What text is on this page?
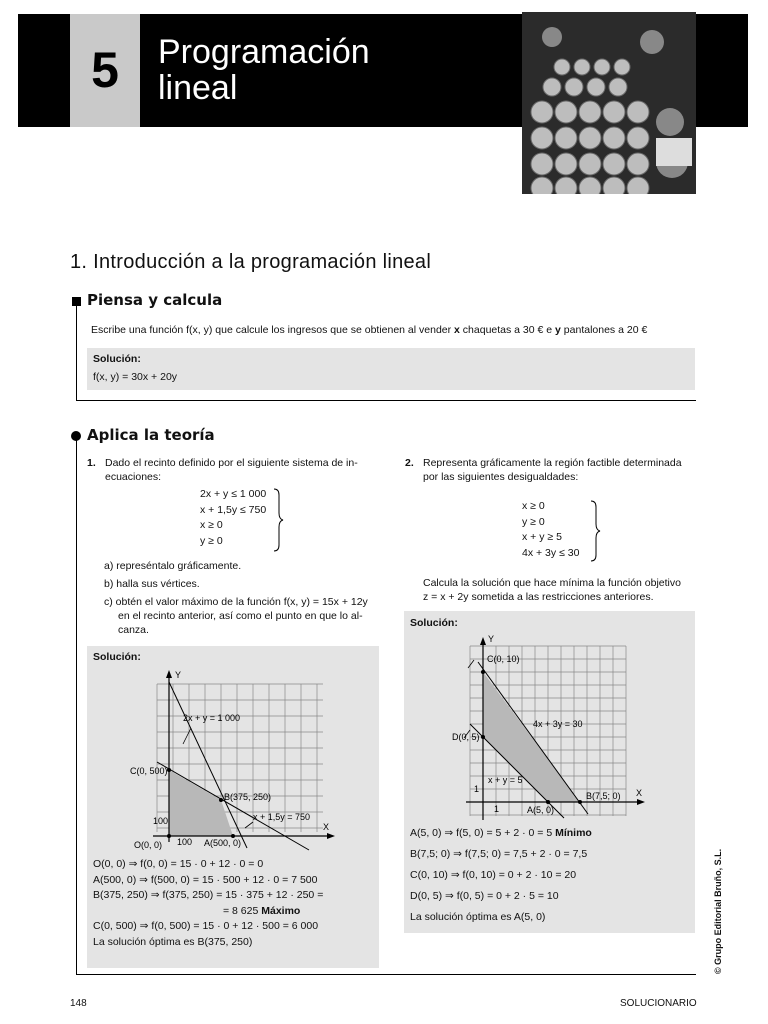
5	Programación
lineal
1. Introducción a la programación lineal
Piensa y calcula
Escribe una función f(x, y) que calcule los ingresos que se obtienen al vender x chaquetas a 30 € e y pantalones a 20 €
Solución:
f(x, y) = 30x + 20y
Aplica la teoría
1. Dado el recinto definido por el siguiente sistema de in-
ecuaciones:
2x + y ≤ 1 000
x + 1,5y ≤ 750
x ≥ 0
y ≥ 0
a) represéntalo gráficamente.
b) halla sus vértices.
c) obtén el valor máximo de la función f(x, y) = 15x + 12y
en el recinto anterior, así como el punto en que lo al-
canza.
Solución:
Y
X
2x + y = 1 000
x + 1,5y = 750
C(0, 500)
B(375, 250)
A(500, 0)
O(0, 0) 100
100
O(0, 0) ⇒ f(0, 0) = 15 · 0 + 12 · 0 = 0
A(500, 0) ⇒ f(500, 0) = 15 · 500 + 12 · 0 = 7 500
B(375, 250) ⇒ f(375, 250) = 15 · 375 + 12 · 250 =
= 8 625 Máximo
C(0, 500) ⇒ f(0, 500) = 15 · 0 + 12 · 500 = 6 000
La solución óptima es B(375, 250)
2. Representa gráficamente la región factible determinada
por las siguientes desigualdades:
x ≥ 0
y ≥ 0
x + y ≥ 5
4x + 3y ≤ 30
Calcula la solución que hace mínima la función objetivo
z = x + 2y sometida a las restricciones anteriores.
Solución:
Y
X
4x + 3y = 30
x + y = 5
C(0, 10)
D(0, 5)
A(5, 0)
B(7,5; 0)
1
1
A(5, 0) ⇒ f(5, 0) = 5 + 2 · 0 = 5 Mínimo
B(7,5; 0) ⇒ f(7,5; 0) = 7,5 + 2 · 0 = 7,5
C(0, 10) ⇒ f(0, 10) = 0 + 2 · 10 = 20
D(0, 5) ⇒ f(0, 5) = 0 + 2 · 5 = 10
La solución óptima es A(5, 0)	© Grupo Editorial Bruño, S.L.
148	SOLUCIONARIO
